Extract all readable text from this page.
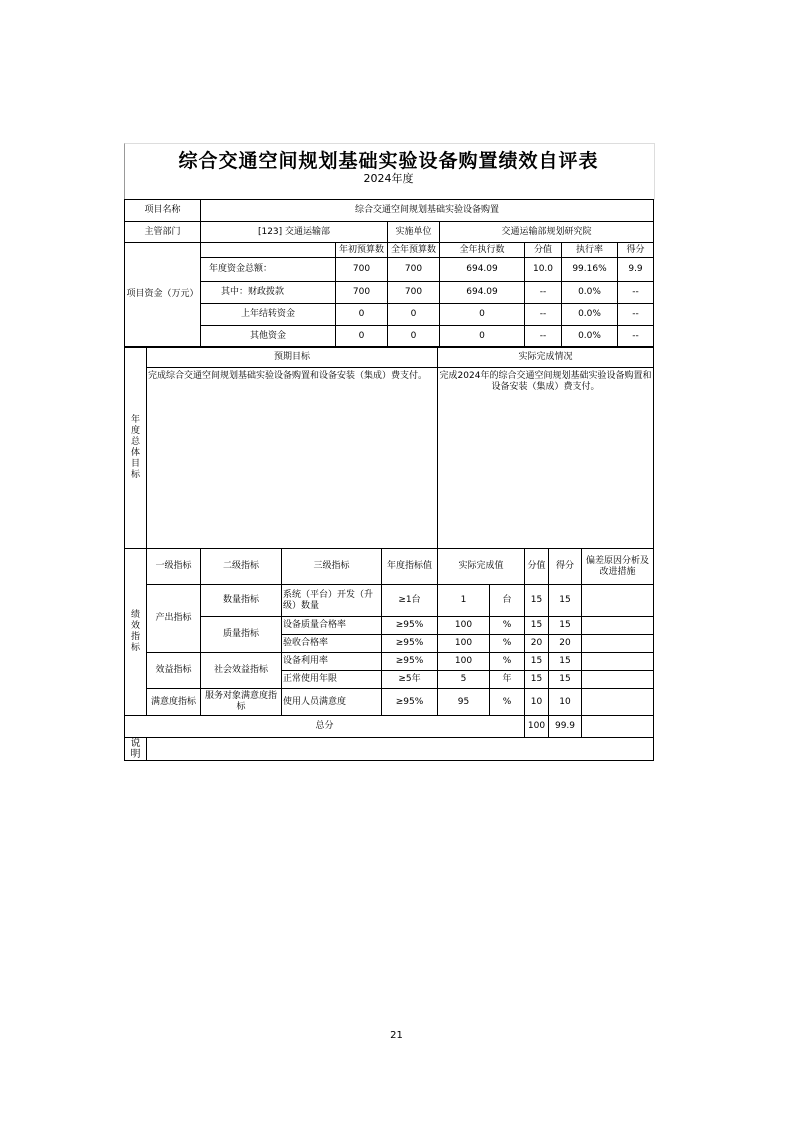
综合交通空间规划基础实验设备购置绩效自评表
2024年度
项目名称	综合交通空间规划基础实验设备购置						
主管部门	[123] 交通运输部		实施单位	交通运输部规划研究院			
项目资金（万元）		年初预算数	全年预算数	全年执行数	分值	执行率	得分
	年度资金总额：	700	700	694.09	10.0	99.16%	9.9
	其中：财政拨款	700	700	694.09	--	0.0%	--
	上年结转资金	0	0	0	--	0.0%	--
	其他资金	0	0	0	--	0.0%	--
年度总体目标	预期目标	实际完成情况
	完成综合交通空间规划基础实验设备购置和设备安装（集成）费支付。	完成2024年的综合交通空间规划基础实验设备购置和设备安装（集成）费支付。
绩效指标	一级指标	二级指标	三级指标	年度指标值	实际完成值		分值	得分	偏差原因分析及改进措施
	产出指标	数量指标	系统（平台）开发（升级）数量	≥1台	1	台	15	15	
		质量指标	设备质量合格率	≥95%	100	%	15	15	
			验收合格率	≥95%	100	%	20	20	
	效益指标	社会效益指标	设备利用率	≥95%	100	%	15	15	
			正常使用年限	≥5年	5	年	15	15	
	满意度指标	服务对象满意度指标	使用人员满意度	≥95%	95	%	10	10	
总分							100	99.9	
说明									
21
